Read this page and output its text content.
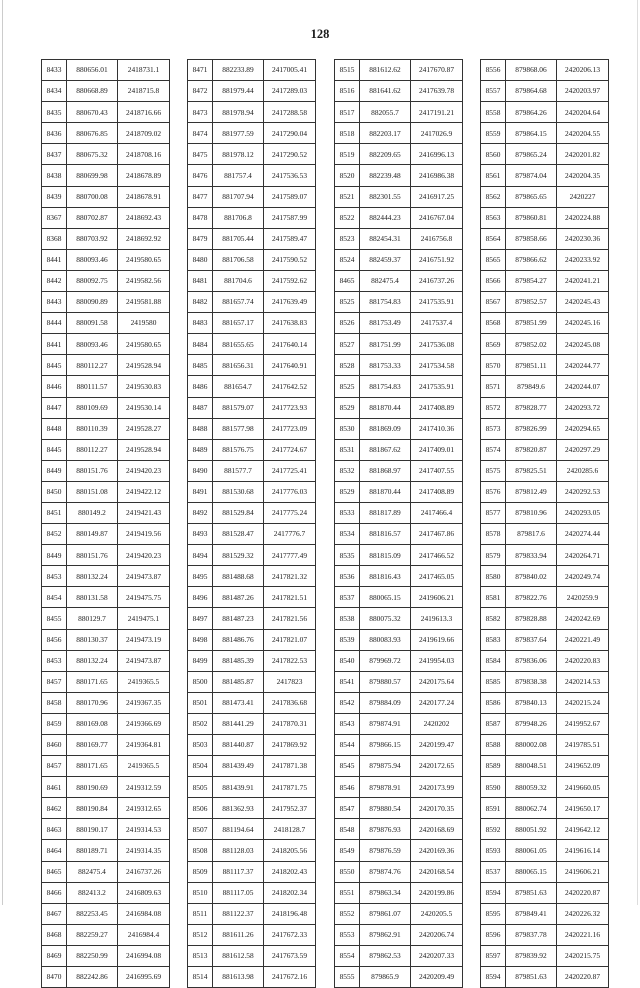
128
8433	880656.01	2418731.1
8434	880668.89	2418715.8
8435	880670.43	2418716.66
8436	880676.85	2418709.02
8437	880675.32	2418708.16
8438	880699.98	2418678.89
8439	880700.08	2418678.91
8367	880702.87	2418692.43
8368	880703.92	2418692.92
8441	880093.46	2419580.65
8442	880092.75	2419582.56
8443	880090.89	2419581.88
8444	880091.58	2419580
8441	880093.46	2419580.65
8445	880112.27	2419528.94
8446	880111.57	2419530.83
8447	880109.69	2419530.14
8448	880110.39	2419528.27
8445	880112.27	2419528.94
8449	880151.76	2419420.23
8450	880151.08	2419422.12
8451	880149.2	2419421.43
8452	880149.87	2419419.56
8449	880151.76	2419420.23
8453	880132.24	2419473.87
8454	880131.58	2419475.75
8455	880129.7	2419475.1
8456	880130.37	2419473.19
8453	880132.24	2419473.87
8457	880171.65	2419365.5
8458	880170.96	2419367.35
8459	880169.08	2419366.69
8460	880169.77	2419364.81
8457	880171.65	2419365.5
8461	880190.69	2419312.59
8462	880190.84	2419312.65
8463	880190.17	2419314.53
8464	880189.71	2419314.35
8465	882475.4	2416737.26
8466	882413.2	2416809.63
8467	882253.45	2416984.08
8468	882259.27	2416984.4
8469	882250.99	2416994.08
8470	882242.86	2416995.69
8471	882233.89	2417005.41
8472	881979.44	2417289.03
8473	881978.94	2417288.58
8474	881977.59	2417290.04
8475	881978.12	2417290.52
8476	881757.4	2417536.53
8477	881707.94	2417589.07
8478	881706.8	2417587.99
8479	881705.44	2417589.47
8480	881706.58	2417590.52
8481	881704.6	2417592.62
8482	881657.74	2417639.49
8483	881657.17	2417638.83
8484	881655.65	2417640.14
8485	881656.31	2417640.91
8486	881654.7	2417642.52
8487	881579.07	2417723.93
8488	881577.98	2417723.09
8489	881576.75	2417724.67
8490	881577.7	2417725.41
8491	881530.68	2417776.03
8492	881529.84	2417775.24
8493	881528.47	2417776.7
8494	881529.32	2417777.49
8495	881488.68	2417821.32
8496	881487.26	2417821.51
8497	881487.23	2417821.56
8498	881486.76	2417821.07
8499	881485.39	2417822.53
8500	881485.87	2417823
8501	881473.41	2417836.68
8502	881441.29	2417870.31
8503	881440.87	2417869.92
8504	881439.49	2417871.38
8505	881439.91	2417871.75
8506	881362.93	2417952.37
8507	881194.64	2418128.7
8508	881128.03	2418205.56
8509	881117.37	2418202.43
8510	881117.05	2418202.34
8511	881122.37	2418196.48
8512	881611.26	2417672.33
8513	881612.58	2417673.59
8514	881613.98	2417672.16
8515	881612.62	2417670.87
8516	881641.62	2417639.78
8517	882055.7	2417191.21
8518	882203.17	2417026.9
8519	882209.65	2416996.13
8520	882239.48	2416986.38
8521	882301.55	2416917.25
8522	882444.23	2416767.04
8523	882454.31	2416756.8
8524	882459.37	2416751.92
8465	882475.4	2416737.26
8525	881754.83	2417535.91
8526	881753.49	2417537.4
8527	881751.99	2417536.08
8528	881753.33	2417534.58
8525	881754.83	2417535.91
8529	881870.44	2417408.89
8530	881869.09	2417410.36
8531	881867.62	2417409.01
8532	881868.97	2417407.55
8529	881870.44	2417408.89
8533	881817.89	2417466.4
8534	881816.57	2417467.86
8535	881815.09	2417466.52
8536	881816.43	2417465.05
8537	880065.15	2419606.21
8538	880075.32	2419613.3
8539	880083.93	2419619.66
8540	879969.72	2419954.03
8541	879880.57	2420175.64
8542	879884.09	2420177.24
8543	879874.91	2420202
8544	879866.15	2420199.47
8545	879875.94	2420172.65
8546	879878.91	2420173.99
8547	879880.54	2420170.35
8548	879876.93	2420168.69
8549	879876.59	2420169.36
8550	879874.76	2420168.54
8551	879863.34	2420199.86
8552	879861.07	2420205.5
8553	879862.91	2420206.74
8554	879862.53	2420207.33
8555	879865.9	2420209.49
8556	879868.06	2420206.13
8557	879864.68	2420203.97
8558	879864.26	2420204.64
8559	879864.15	2420204.55
8560	879865.24	2420201.82
8561	879874.04	2420204.35
8562	879865.65	2420227
8563	879860.81	2420224.88
8564	879858.66	2420230.36
8565	879866.62	2420233.92
8566	879854.27	2420241.21
8567	879852.57	2420245.43
8568	879851.99	2420245.16
8569	879852.02	2420245.08
8570	879851.11	2420244.77
8571	879849.6	2420244.07
8572	879828.77	2420293.72
8573	879826.99	2420294.65
8574	879820.87	2420297.29
8575	879825.51	2420285.6
8576	879812.49	2420292.53
8577	879810.96	2420293.05
8578	879817.6	2420274.44
8579	879833.94	2420264.71
8580	879840.02	2420249.74
8581	879822.76	2420259.9
8582	879828.88	2420242.69
8583	879837.64	2420221.49
8584	879836.06	2420220.83
8585	879838.38	2420214.53
8586	879840.13	2420215.24
8587	879948.26	2419952.67
8588	880002.08	2419785.51
8589	880048.51	2419652.09
8590	880059.32	2419660.05
8591	880062.74	2419650.17
8592	880051.92	2419642.12
8593	880061.05	2419616.14
8537	880065.15	2419606.21
8594	879851.63	2420220.87
8595	879849.41	2420226.32
8596	879837.78	2420221.16
8597	879839.92	2420215.75
8594	879851.63	2420220.87
